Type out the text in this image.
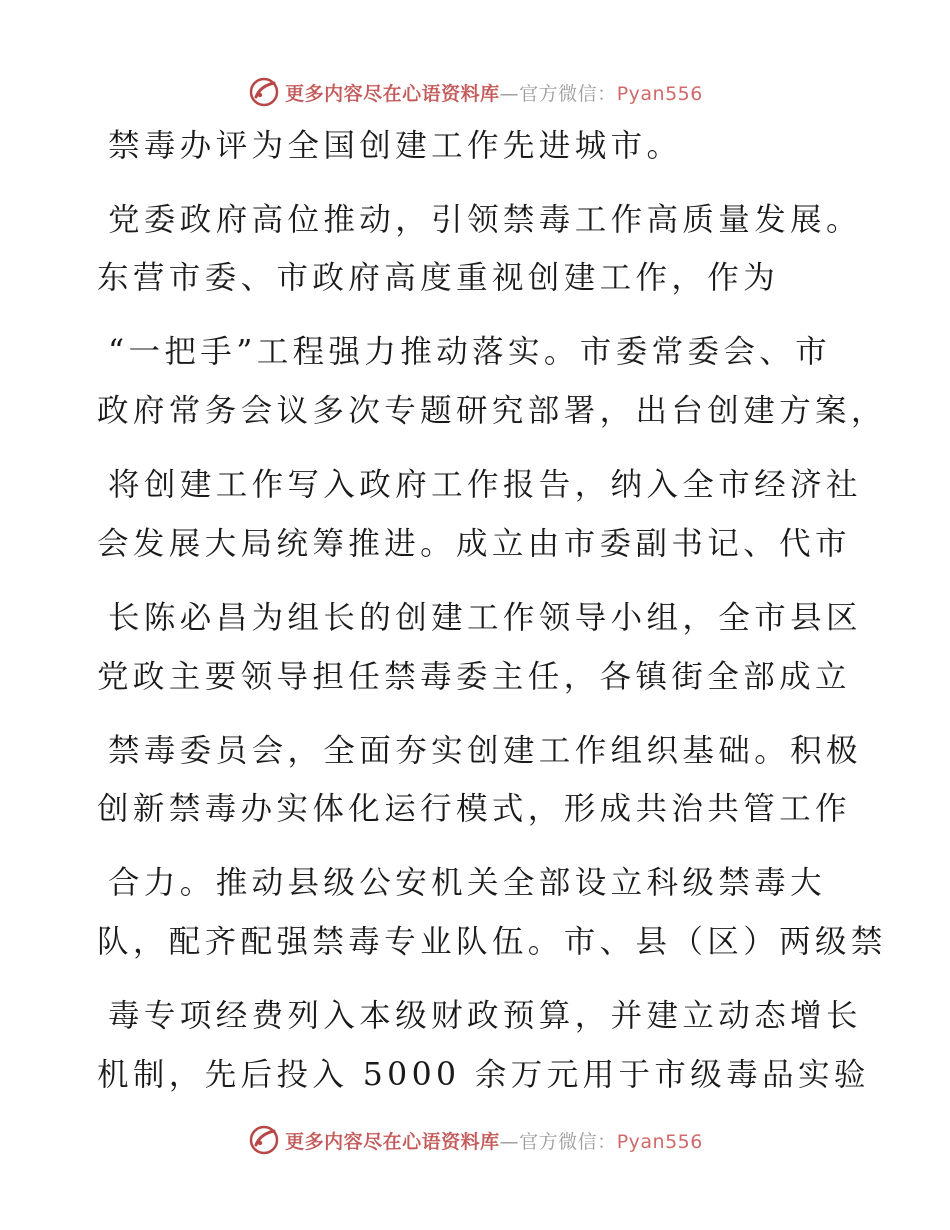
更多内容尽在心语资料库—官方微信：Pyan556
禁毒办评为全国创建工作先进城市。
党委政府高位推动，引领禁毒工作高质量发展。
东营市委、市政府高度重视创建工作，作为
“一把手”工程强力推动落实。市委常委会、市
政府常务会议多次专题研究部署，出台创建方案，
将创建工作写入政府工作报告，纳入全市经济社
会发展大局统筹推进。成立由市委副书记、代市
长陈必昌为组长的创建工作领导小组，全市县区
党政主要领导担任禁毒委主任，各镇街全部成立
禁毒委员会，全面夯实创建工作组织基础。积极
创新禁毒办实体化运行模式，形成共治共管工作
合力。推动县级公安机关全部设立科级禁毒大
队，配齐配强禁毒专业队伍。市、县（区）两级禁
毒专项经费列入本级财政预算，并建立动态增长
机制，先后投入 5000 余万元用于市级毒品实验
更多内容尽在心语资料库—官方微信：Pyan556
